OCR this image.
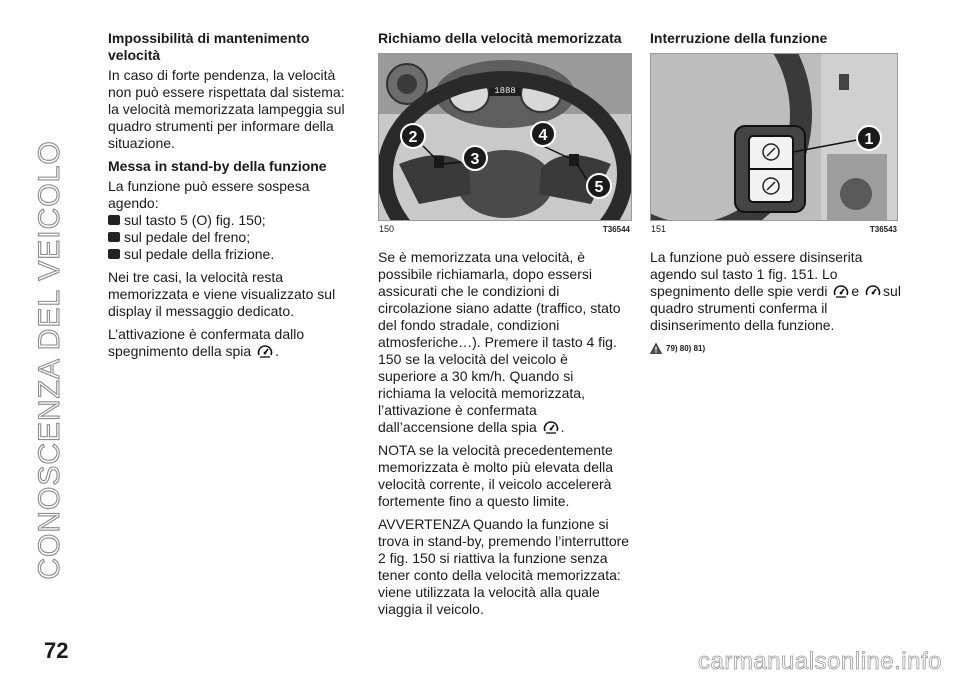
CONOSCENZA DEL VEICOLO
Impossibilità di mantenimento velocità

In caso di forte pendenza, la velocità non può essere rispettata dal sistema: la velocità memorizzata lampeggia sul quadro strumenti per informare della situazione.

Messa in stand-by della funzione

La funzione può essere sospesa agendo:

sul tasto 5 (O) fig. 150;
sul pedale del freno;
sul pedale della frizione.

Nei tre casi, la velocità resta memorizzata e viene visualizzato sul display il messaggio dedicato.

L’attivazione è confermata dallo spegnimento della spia .

Richiamo della velocità memorizzata
1888
2
3
4
5
150	T36544

Se è memorizzata una velocità, è possibile richiamarla, dopo essersi assicurati che le condizioni di circolazione siano adatte (traffico, stato del fondo stradale, condizioni atmosferiche…). Premere il tasto 4 fig. 150 se la velocità del veicolo è superiore a 30 km/h. Quando si richiama la velocità memorizzata, l’attivazione è confermata dall’accensione della spia .

NOTA se la velocità precedentemente memorizzata è molto più elevata della velocità corrente, il veicolo accelererà fortemente fino a questo limite.

AVVERTENZA Quando la funzione si trova in stand-by, premendo l’interruttore 2 fig. 150 si riattiva la funzione senza tener conto della velocità memorizzata: viene utilizzata la velocità alla quale viaggia il veicolo.

Interruzione della funzione
1
151	T36543

La funzione può essere disinserita agendo sul tasto 1 fig. 151. Lo spegnimento delle spie verdi e sul quadro strumenti conferma il disinserimento della funzione.

79) 80) 81)
72	carmanualsonline.info
